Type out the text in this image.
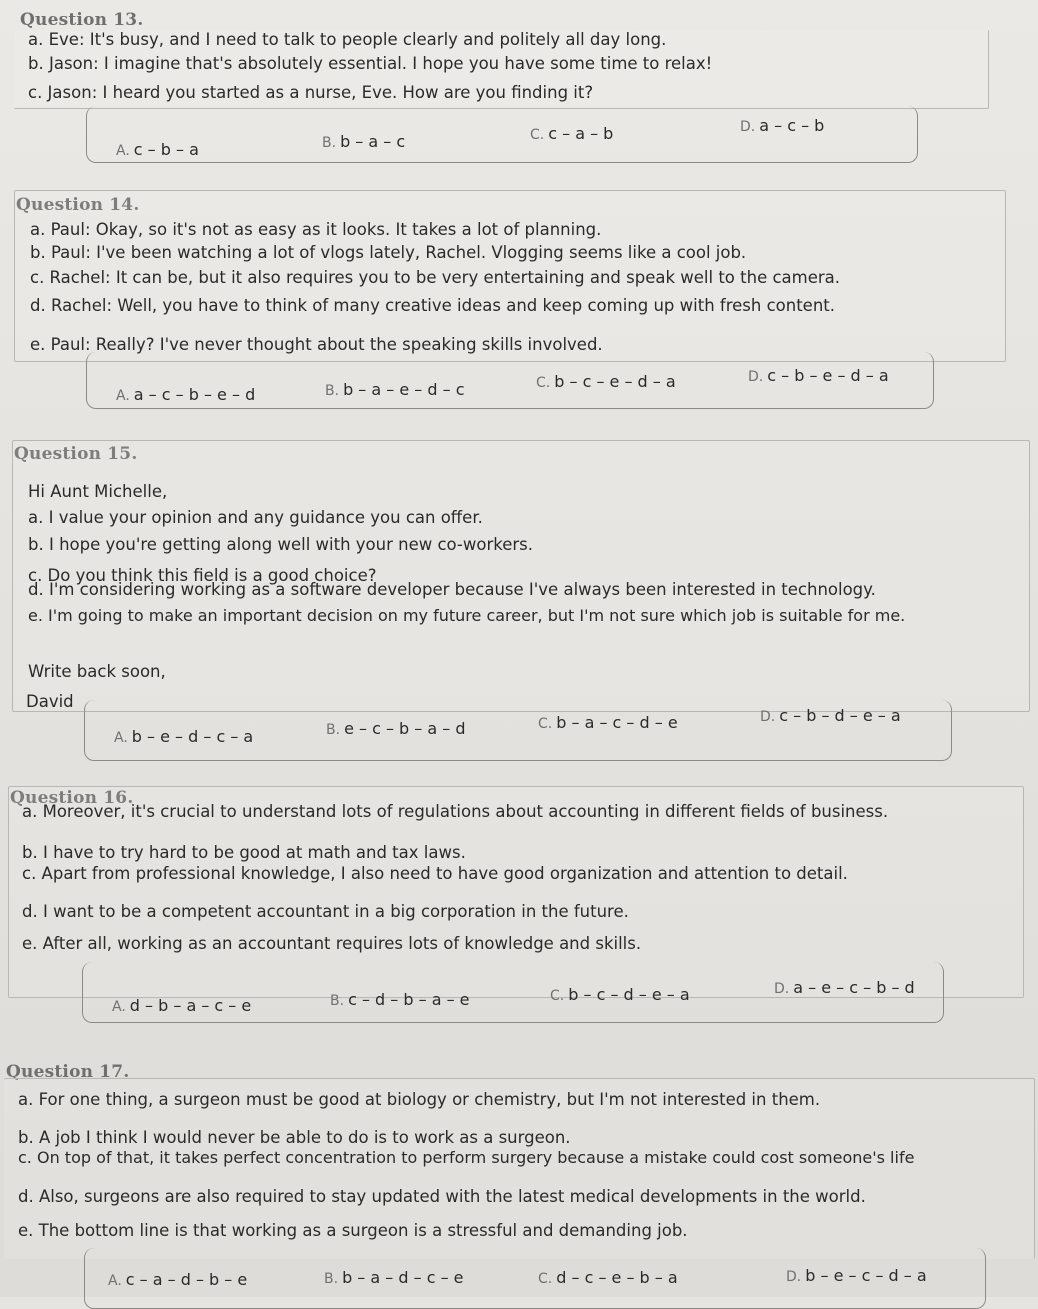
Question 13.
a. Eve: It's busy, and I need to talk to people clearly and politely all day long.
b. Jason: I imagine that's absolutely essential. I hope you have some time to relax!
c. Jason: I heard you started as a nurse, Eve. How are you finding it?
A. c – b – a	B. b – a – c	C. c – a – b	D. a – c – b
Question 14.
a. Paul: Okay, so it's not as easy as it looks. It takes a lot of planning.
b. Paul: I've been watching a lot of vlogs lately, Rachel. Vlogging seems like a cool job.
c. Rachel: It can be, but it also requires you to be very entertaining and speak well to the camera.
d. Rachel: Well, you have to think of many creative ideas and keep coming up with fresh content.
e. Paul: Really? I've never thought about the speaking skills involved.
A. a – c – b – e – d	B. b – a – e – d – c	C. b – c – e – d – a	D. c – b – e – d – a
Question 15.
Hi Aunt Michelle,
a. I value your opinion and any guidance you can offer.
b. I hope you're getting along well with your new co-workers.
c. Do you think this field is a good choice?
d. I'm considering working as a software developer because I've always been interested in technology.
e. I'm going to make an important decision on my future career, but I'm not sure which job is suitable for me.
Write back soon,
David
A. b – e – d – c – a	B. e – c – b – a – d	C. b – a – c – d – e	D. c – b – d – e – a
Question 16.
a. Moreover, it's crucial to understand lots of regulations about accounting in different fields of business.
b. I have to try hard to be good at math and tax laws.
c. Apart from professional knowledge, I also need to have good organization and attention to detail.
d. I want to be a competent accountant in a big corporation in the future.
e. After all, working as an accountant requires lots of knowledge and skills.
A. d – b – a – c – e	B. c – d – b – a – e	C. b – c – d – e – a	D. a – e – c – b – d
Question 17.
a. For one thing, a surgeon must be good at biology or chemistry, but I'm not interested in them.
b. A job I think I would never be able to do is to work as a surgeon.
c. On top of that, it takes perfect concentration to perform surgery because a mistake could cost someone's life
d. Also, surgeons are also required to stay updated with the latest medical developments in the world.
e. The bottom line is that working as a surgeon is a stressful and demanding job.
A. c – a – d – b – e	B. b – a – d – c – e	C. d – c – e – b – a	D. b – e – c – d – a
